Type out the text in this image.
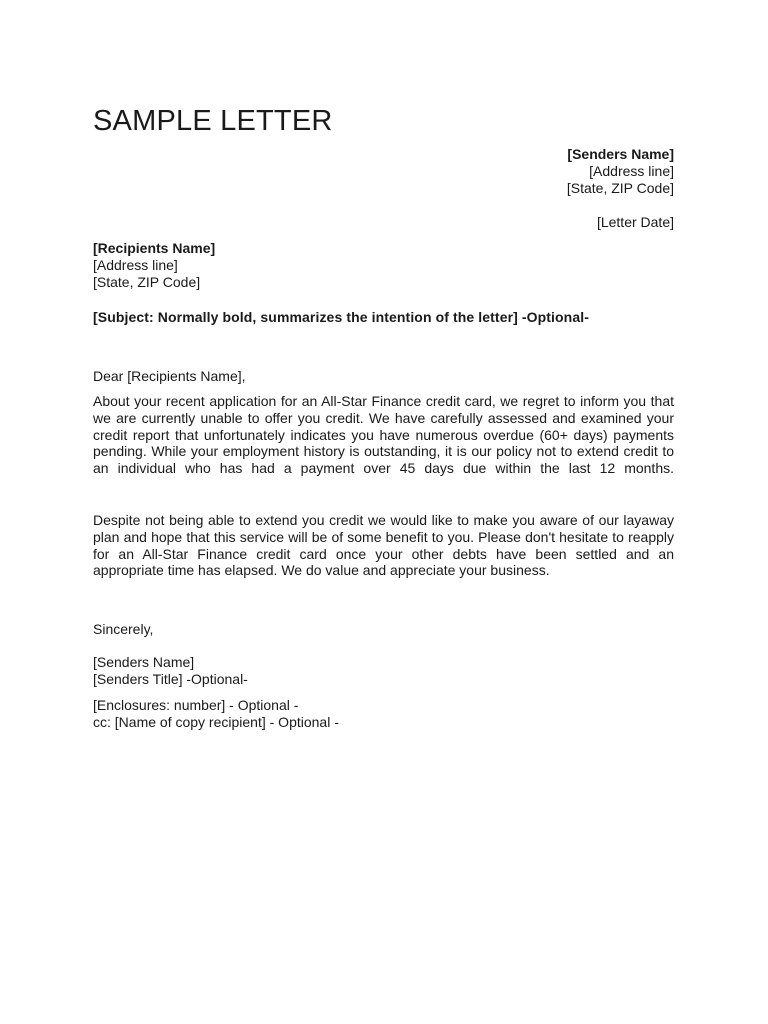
SAMPLE LETTER
[Senders Name]
[Address line]
[State, ZIP Code]
[Letter Date]
[Recipients Name]
[Address line]
[State, ZIP Code]
[Subject: Normally bold, summarizes the intention of the letter] -Optional-
Dear [Recipients Name],

About your recent application for an All-Star Finance credit card, we regret to inform you that we are currently unable to offer you credit. We have carefully assessed and examined your credit report that unfortunately indicates you have numerous overdue (60+ days) payments pending. While your employment history is outstanding, it is our policy not to extend credit to an individual who has had a payment over 45 days due within the last 12 months.

Despite not being able to extend you credit we would like to make you aware of our layaway plan and hope that this service will be of some benefit to you. Please don't hesitate to reapply for an All-Star Finance credit card once your other debts have been settled and an appropriate time has elapsed. We do value and appreciate your business.

Sincerely,
[Senders Name]
[Senders Title] -Optional-
[Enclosures: number] - Optional -
cc: [Name of copy recipient] - Optional -
